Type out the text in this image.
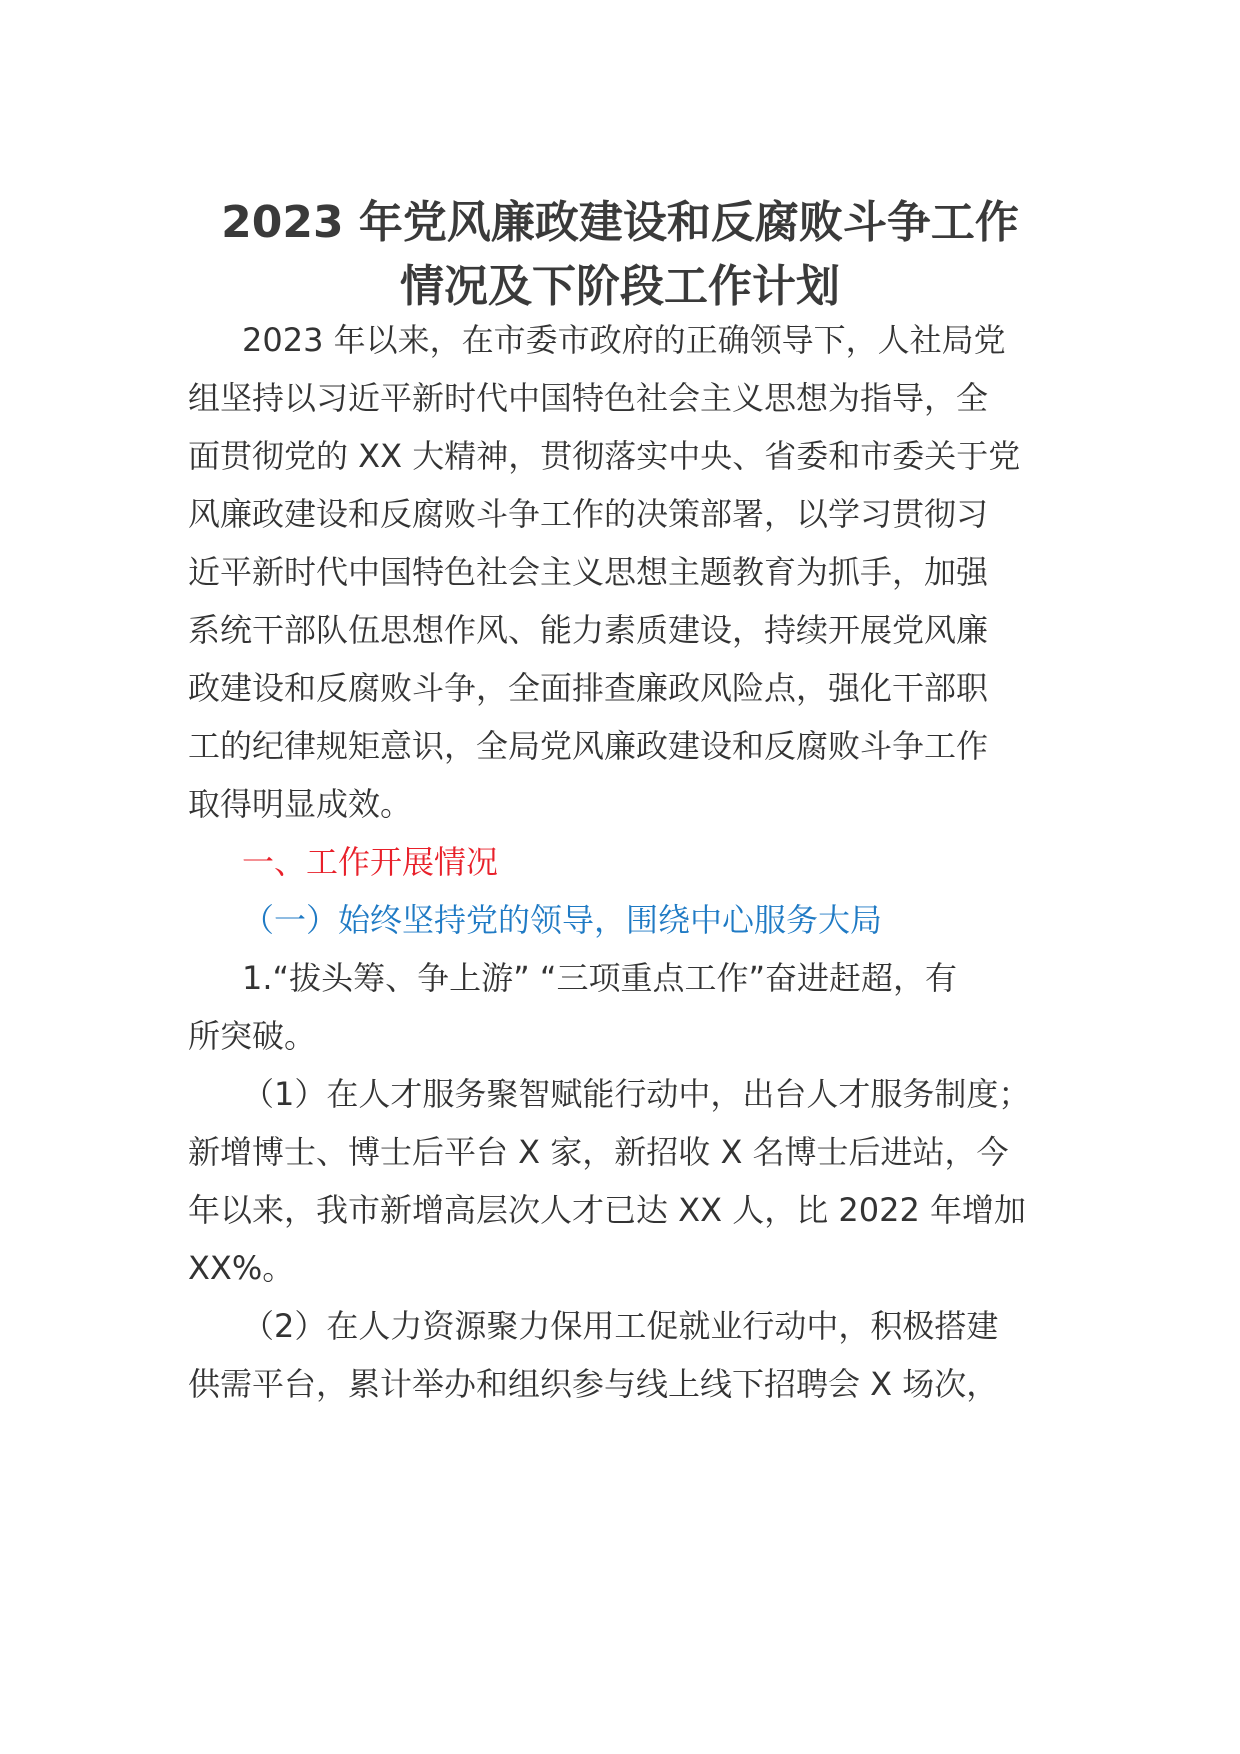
2023 年党风廉政建设和反腐败斗争工作
情况及下阶段工作计划

2023 年以来，在市委市政府的正确领导下，人社局党

组坚持以习近平新时代中国特色社会主义思想为指导，全

面贯彻党的 XX 大精神，贯彻落实中央、省委和市委关于党

风廉政建设和反腐败斗争工作的决策部署，以学习贯彻习

近平新时代中国特色社会主义思想主题教育为抓手，加强

系统干部队伍思想作风、能力素质建设，持续开展党风廉

政建设和反腐败斗争，全面排查廉政风险点，强化干部职

工的纪律规矩意识，全局党风廉政建设和反腐败斗争工作

取得明显成效。

一、工作开展情况

（一）始终坚持党的领导，围绕中心服务大局

1.“拔头筹、争上游” “三项重点工作”奋进赶超，有

所突破。

（1）在人才服务聚智赋能行动中，出台人才服务制度；

新增博士、博士后平台 X 家，新招收 X 名博士后进站，今

年以来，我市新增高层次人才已达 XX 人，比 2022 年增加

XX%。

（2）在人力资源聚力保用工促就业行动中，积极搭建

供需平台，累计举办和组织参与线上线下招聘会 X 场次，
